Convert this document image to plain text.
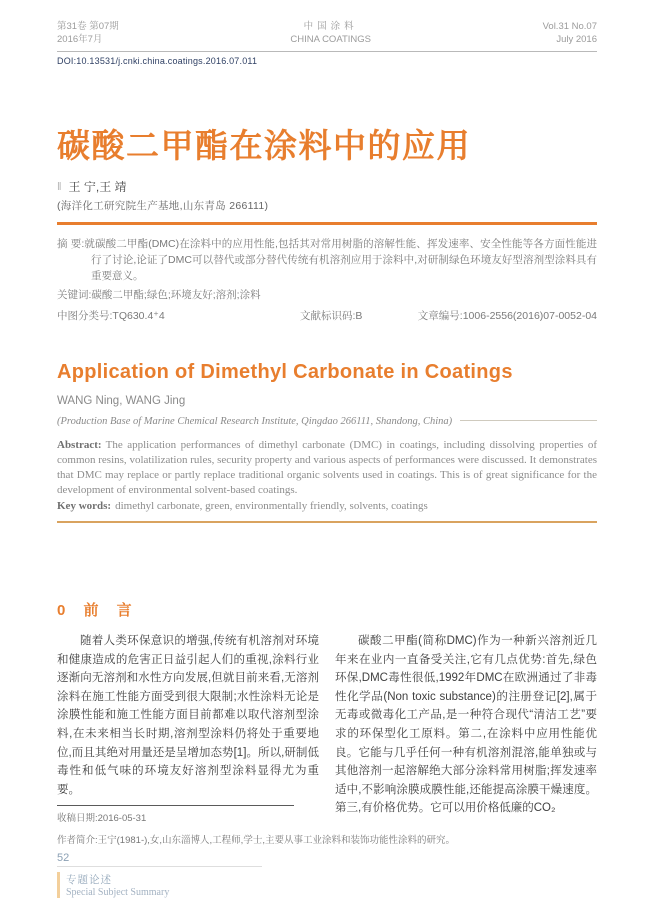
第31卷 第07期
2016年7月
中国涂料
CHINA COATINGS
Vol.31 No.07
July 2016
DOI:10.13531/j.cnki.china.coatings.2016.07.011
碳酸二甲酯在涂料中的应用
‖ 王 宁,王 靖
(海洋化工研究院生产基地,山东青岛 266111)

摘 要:就碳酸二甲酯(DMC)在涂料中的应用性能,包括其对常用树脂的溶解性能、挥发速率、安全性能等各方面性能进行了讨论,论证了DMC可以替代或部分替代传统有机溶剂应用于涂料中,对研制绿色环境友好型溶剂型涂料具有重要意义。

关键词:碳酸二甲酯;绿色;环境友好;溶剂;涂料

中图分类号:TQ630.4⁺4	文献标识码:B	文章编号:1006-2556(2016)07-0052-04
Application of Dimethyl Carbonate in Coatings
WANG Ning, WANG Jing
(Production Base of Marine Chemical Research Institute, Qingdao 266111, Shandong, China)

Abstract: The application performances of dimethyl carbonate (DMC) in coatings, including dissolving properties of common resins, volatilization rules, security property and various aspects of performances were discussed. It demonstrates that DMC may replace or partly replace traditional organic solvents used in coatings. This is of great significance for the development of environmental solvent-based coatings.

Key words: dimethyl carbonate, green, environmentally friendly, solvents, coatings

0 前 言

随着人类环保意识的增强,传统有机溶剂对环境和健康造成的危害正日益引起人们的重视,涂料行业逐渐向无溶剂和水性方向发展,但就目前来看,无溶剂涂料在施工性能方面受到很大限制;水性涂料无论是涂膜性能和施工性能方面目前都难以取代溶剂型涂料,在未来相当长时期,溶剂型涂料仍将处于重要地位,而且其绝对用量还是呈增加态势[1]。所以,研制低毒性和低气味的环境友好溶剂型涂料显得尤为重要。

收稿日期:2016-05-31

碳酸二甲酯(简称DMC)作为一种新兴溶剂近几年来在业内一直备受关注,它有几点优势:首先,绿色环保,DMC毒性很低,1992年DMC在欧洲通过了非毒性化学品(Non toxic substance)的注册登记[2],属于无毒或微毒化工产品,是一种符合现代“清洁工艺”要求的环保型化工原料。第二,在涂料中应用性能优良。它能与几乎任何一种有机溶剂混溶,能单独或与其他溶剂一起溶解绝大部分涂料常用树脂;挥发速率适中,不影响涂膜成膜性能,还能提高涂膜干燥速度。第三,有价格优势。它可以用价格低廉的CO₂

作者简介:王宁(1981-),女,山东淄博人,工程师,学士,主要从事工业涂料和装饰功能性涂料的研究。
52
专题论述
Special Subject Summary
